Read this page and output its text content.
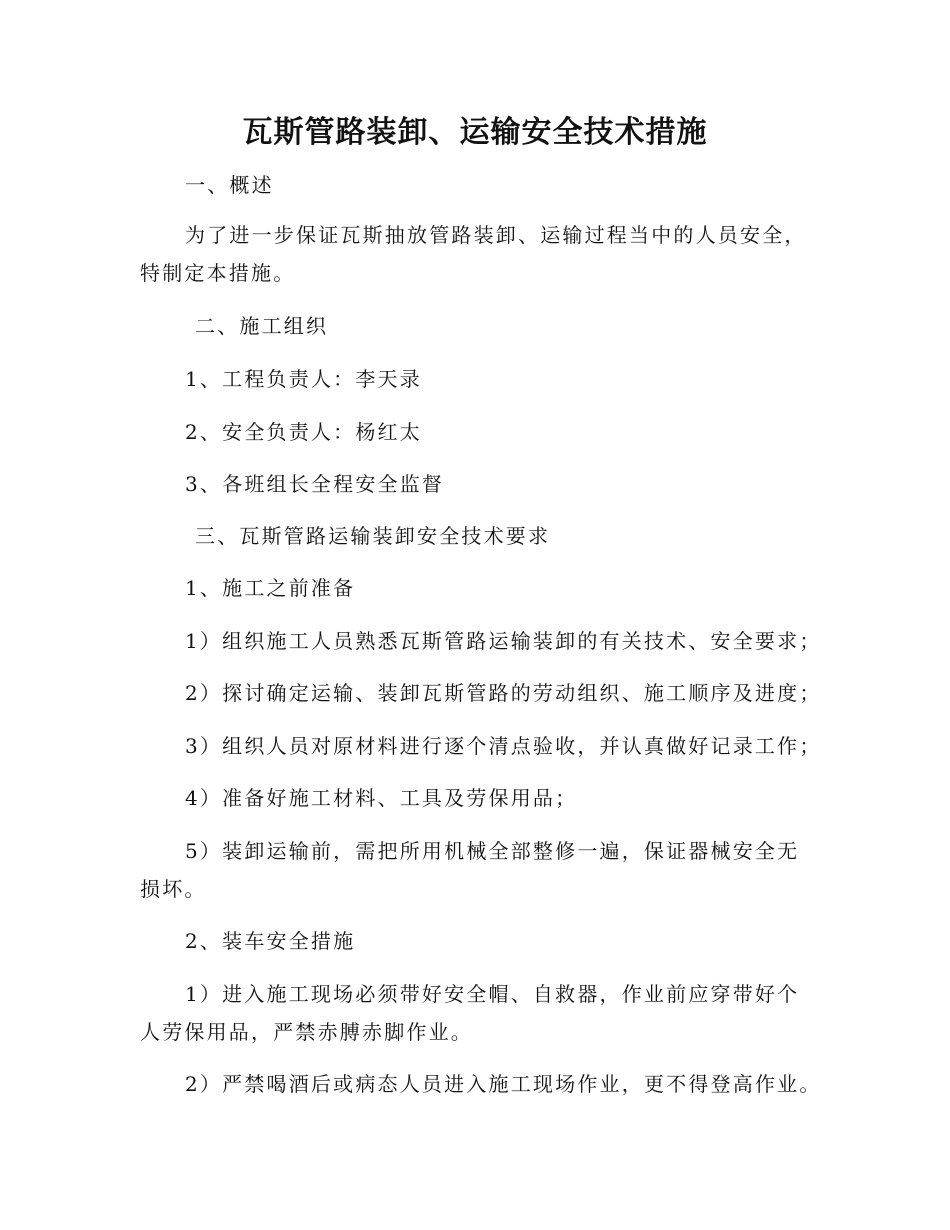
瓦斯管路装卸、运输安全技术措施
一、概述
为了进一步保证瓦斯抽放管路装卸、运输过程当中的人员安全，特制定本措施。
二、施工组织
1、工程负责人：李天录
2、安全负责人：杨红太
3、各班组长全程安全监督
三、瓦斯管路运输装卸安全技术要求
1、施工之前准备
1）组织施工人员熟悉瓦斯管路运输装卸的有关技术、安全要求；
2）探讨确定运输、装卸瓦斯管路的劳动组织、施工顺序及进度；
3）组织人员对原材料进行逐个清点验收，并认真做好记录工作；
4）准备好施工材料、工具及劳保用品；
5）装卸运输前，需把所用机械全部整修一遍，保证器械安全无损坏。
2、装车安全措施
1）进入施工现场必须带好安全帽、自救器，作业前应穿带好个人劳保用品，严禁赤膊赤脚作业。
2）严禁喝酒后或病态人员进入施工现场作业，更不得登高作业。
